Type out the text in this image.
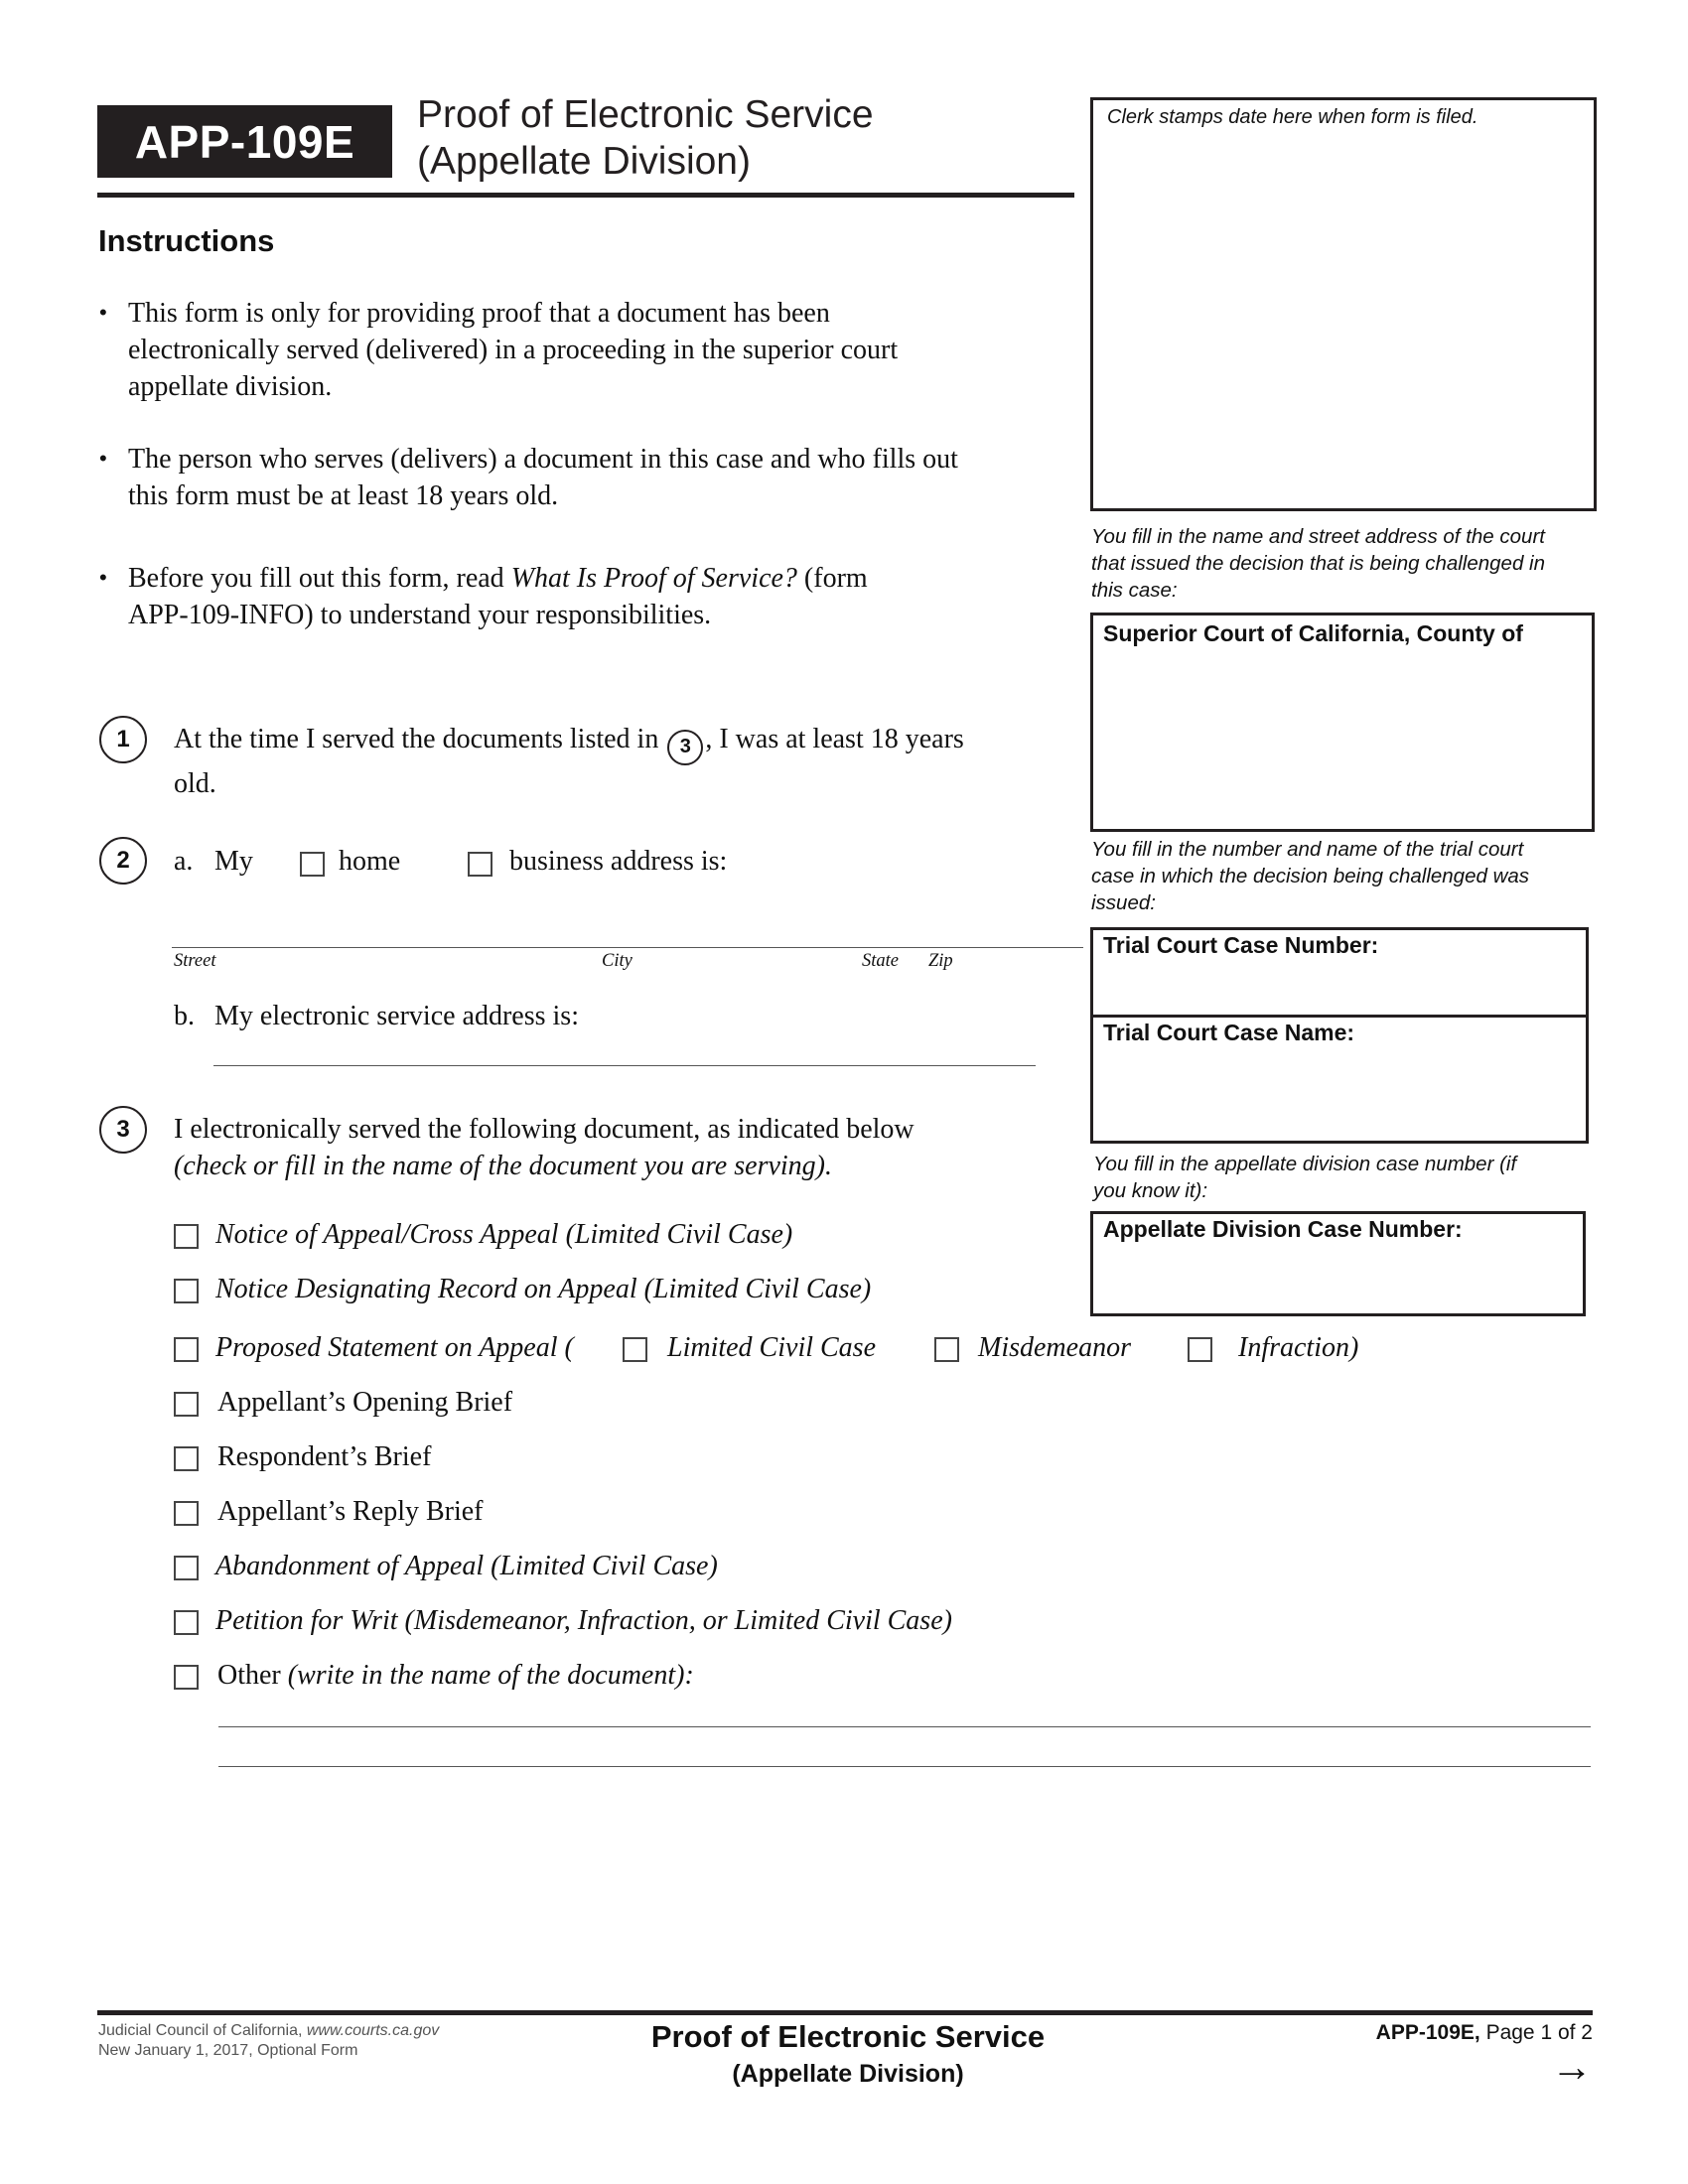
APP-109E
Proof of Electronic Service
(Appellate Division)
Clerk stamps date here when form is filed.
You fill in the name and street address of the court
that issued the decision that is being challenged in
this case:
Superior Court of California, County of
You fill in the number and name of the trial court
case in which the decision being challenged was
issued:
Trial Court Case Number:
Trial Court Case Name:
You fill in the appellate division case number (if
you know it):
Appellate Division Case Number:
Instructions
• This form is only for providing proof that a document has been
electronically served (delivered) in a proceeding in the superior court
appellate division.
• The person who serves (delivers) a document in this case and who fills out
this form must be at least 18 years old.
• Before you fill out this form, read What Is Proof of Service? (form
APP-109-INFO) to understand your responsibilities.
1	At the time I served the documents listed in 3 , I was at least 18 years
old.
2	a. My	home	business address is:
Street	City	State Zip
b. My electronic service address is:
3	I electronically served the following document, as indicated below
(check or fill in the name of the document you are serving).
Notice of Appeal/Cross Appeal (Limited Civil Case)
Notice Designating Record on Appeal (Limited Civil Case)
Proposed Statement on Appeal (	Limited Civil Case	Misdemeanor	Infraction)
Appellant’s Opening Brief
Respondent’s Brief
Appellant’s Reply Brief
Abandonment of Appeal (Limited Civil Case)
Petition for Writ (Misdemeanor, Infraction, or Limited Civil Case)
Other (write in the name of the document):
Judicial Council of California, www.courts.ca.gov
New January 1, 2017, Optional Form	Proof of Electronic Service
(Appellate Division)
APP-109E, Page 1 of 2
→
